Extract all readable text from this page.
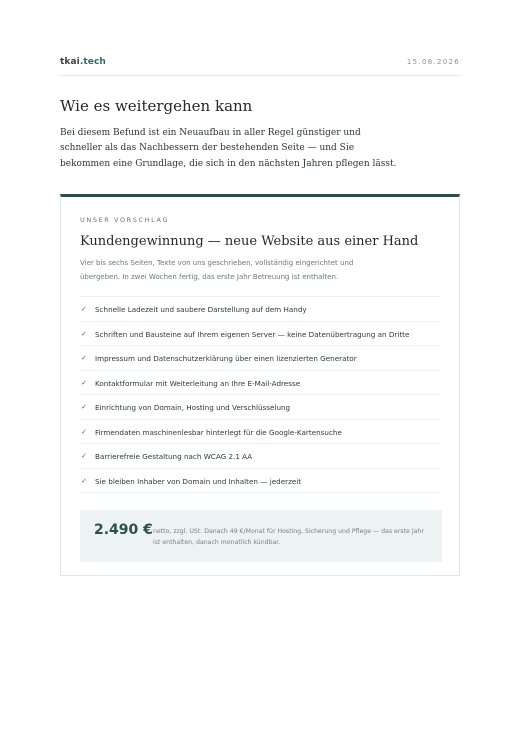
tkai.tech	15.08.2026
Wie es weitergehen kann
Bei diesem Befund ist ein Neuaufbau in aller Regel günstiger und schneller als das Nachbessern der bestehenden Seite — und Sie bekommen eine Grundlage, die sich in den nächsten Jahren pflegen lässt.
UNSER VORSCHLAG
Kundengewinnung — neue Website aus einer Hand
Vier bis sechs Seiten, Texte von uns geschrieben, vollständig eingerichtet und übergeben. In zwei Wochen fertig, das erste Jahr Betreuung ist enthalten.
✓ Schnelle Ladezeit und saubere Darstellung auf dem Handy
✓ Schriften und Bausteine auf Ihrem eigenen Server — keine Datenübertragung an Dritte
✓ Impressum und Datenschutzerklärung über einen lizenzierten Generator
✓ Kontaktformular mit Weiterleitung an Ihre E-Mail-Adresse
✓ Einrichtung von Domain, Hosting und Verschlüsselung
✓ Firmendaten maschinenlesbar hinterlegt für die Google-Kartensuche
✓ Barrierefreie Gestaltung nach WCAG 2.1 AA
✓ Sie bleiben Inhaber von Domain und Inhalten — jederzeit
2.490 € netto, zzgl. USt. Danach 49 €/Monat für Hosting, Sicherung und Pflege — das erste Jahr ist enthalten, danach monatlich kündbar.
